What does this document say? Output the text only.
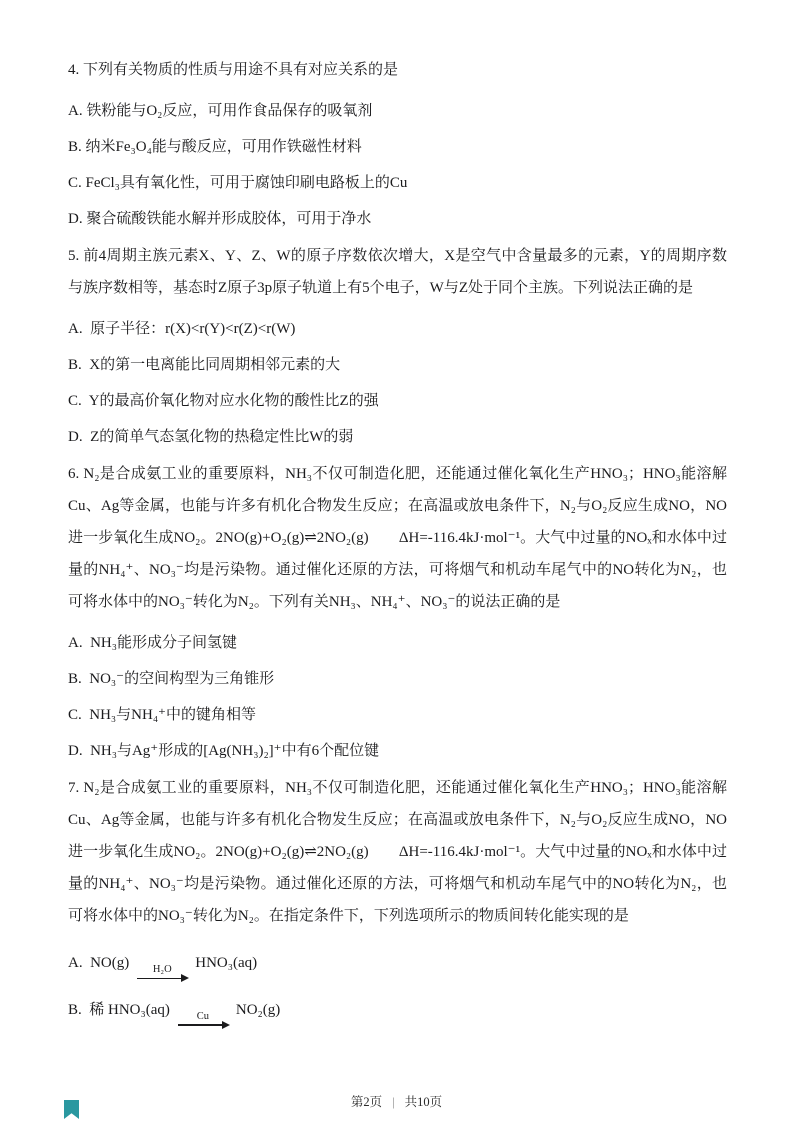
4. 下列有关物质的性质与用途不具有对应关系的是

A. 铁粉能与O₂反应，可用作食品保存的吸氧剂

B. 纳米Fe₃O₄能与酸反应，可用作铁磁性材料

C. FeCl₃具有氧化性，可用于腐蚀印刷电路板上的Cu

D. 聚合硫酸铁能水解并形成胶体，可用于净水

5. 前4周期主族元素X、Y、Z、W的原子序数依次增大，X是空气中含量最多的元素，Y的周期序数与族序数相等，基态时Z原子3p原子轨道上有5个电子，W与Z处于同个主族。下列说法正确的是

A.  原子半径：r(X)<r(Y)<r(Z)<r(W)

B.  X的第一电离能比同周期相邻元素的大

C.  Y的最高价氧化物对应水化物的酸性比Z的强

D.  Z的简单气态氢化物的热稳定性比W的弱

6. N₂是合成氨工业的重要原料，NH₃不仅可制造化肥，还能通过催化氧化生产HNO₃；HNO₃能溶解Cu、Ag等金属，也能与许多有机化合物发生反应；在高温或放电条件下，N₂与O₂反应生成NO，NO进一步氧化生成NO₂。2NO(g)+O₂(g)⇌2NO₂(g)　　ΔH=-116.4kJ·mol⁻¹。大气中过量的NOₓ和水体中过量的NH₄⁺、NO₃⁻均是污染物。通过催化还原的方法，可将烟气和机动车尾气中的NO转化为N₂，也可将水体中的NO₃⁻转化为N₂。下列有关NH₃、NH₄⁺、NO₃⁻的说法正确的是

A.  NH₃能形成分子间氢键

B.  NO₃⁻的空间构型为三角锥形

C.  NH₃与NH₄⁺中的键角相等

D.  NH₃与Ag⁺形成的[Ag(NH₃)₂]⁺中有6个配位键

7. N₂是合成氨工业的重要原料，NH₃不仅可制造化肥，还能通过催化氧化生产HNO₃；HNO₃能溶解Cu、Ag等金属，也能与许多有机化合物发生反应；在高温或放电条件下，N₂与O₂反应生成NO，NO进一步氧化生成NO₂。2NO(g)+O₂(g)⇌2NO₂(g)　　ΔH=-116.4kJ·mol⁻¹。大气中过量的NOₓ和水体中过量的NH₄⁺、NO₃⁻均是污染物。通过催化还原的方法，可将烟气和机动车尾气中的NO转化为N₂，也可将水体中的NO₃⁻转化为N₂。在指定条件下，下列选项所示的物质间转化能实现的是

A.  NO(g) H₂O HNO₃(aq)

B.  稀 HNO₃(aq)	Cu NO₂(g)

第2页 | 共10页
